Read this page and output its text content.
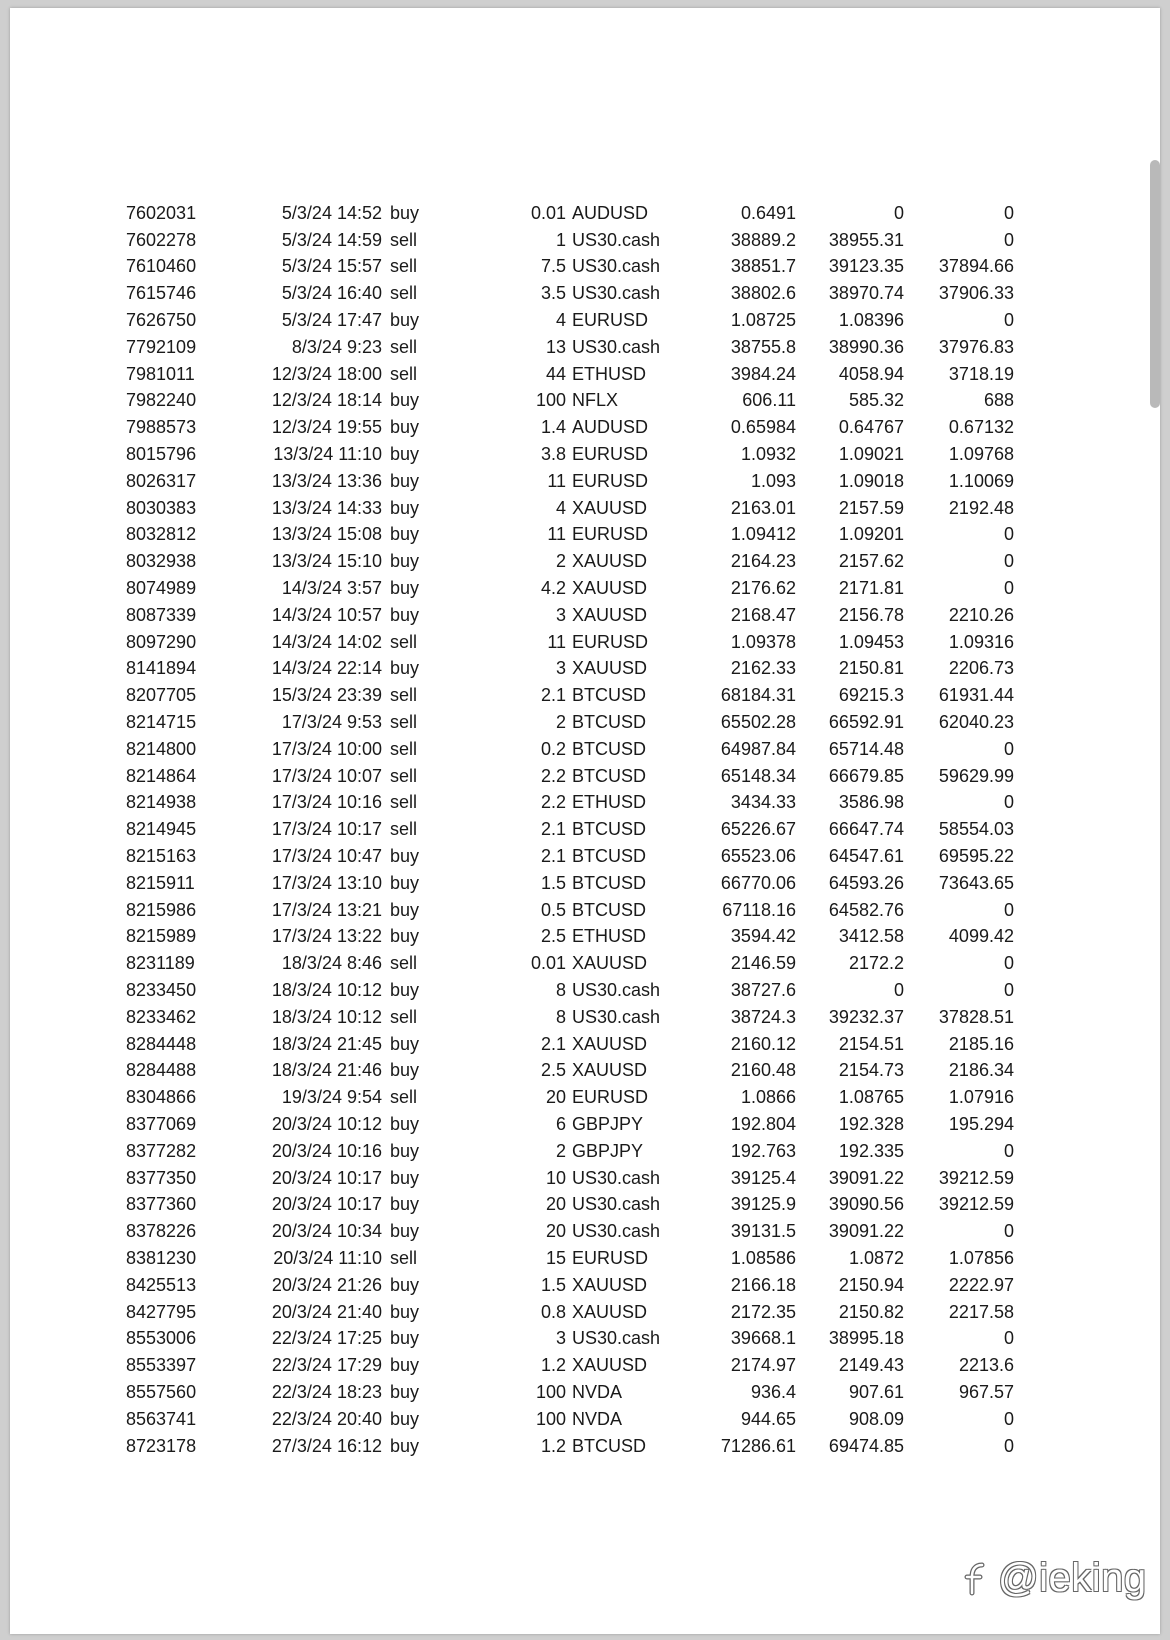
7602031	5/3/24 14:52	buy	0.01	AUDUSD	0.6491	0	0
7602278	5/3/24 14:59	sell	1	US30.cash	38889.2	38955.31	0
7610460	5/3/24 15:57	sell	7.5	US30.cash	38851.7	39123.35	37894.66
7615746	5/3/24 16:40	sell	3.5	US30.cash	38802.6	38970.74	37906.33
7626750	5/3/24 17:47	buy	4	EURUSD	1.08725	1.08396	0
7792109	8/3/24 9:23	sell	13	US30.cash	38755.8	38990.36	37976.83
7981011	12/3/24 18:00	sell	44	ETHUSD	3984.24	4058.94	3718.19
7982240	12/3/24 18:14	buy	100	NFLX	606.11	585.32	688
7988573	12/3/24 19:55	buy	1.4	AUDUSD	0.65984	0.64767	0.67132
8015796	13/3/24 11:10	buy	3.8	EURUSD	1.0932	1.09021	1.09768
8026317	13/3/24 13:36	buy	11	EURUSD	1.093	1.09018	1.10069
8030383	13/3/24 14:33	buy	4	XAUUSD	2163.01	2157.59	2192.48
8032812	13/3/24 15:08	buy	11	EURUSD	1.09412	1.09201	0
8032938	13/3/24 15:10	buy	2	XAUUSD	2164.23	2157.62	0
8074989	14/3/24 3:57	buy	4.2	XAUUSD	2176.62	2171.81	0
8087339	14/3/24 10:57	buy	3	XAUUSD	2168.47	2156.78	2210.26
8097290	14/3/24 14:02	sell	11	EURUSD	1.09378	1.09453	1.09316
8141894	14/3/24 22:14	buy	3	XAUUSD	2162.33	2150.81	2206.73
8207705	15/3/24 23:39	sell	2.1	BTCUSD	68184.31	69215.3	61931.44
8214715	17/3/24 9:53	sell	2	BTCUSD	65502.28	66592.91	62040.23
8214800	17/3/24 10:00	sell	0.2	BTCUSD	64987.84	65714.48	0
8214864	17/3/24 10:07	sell	2.2	BTCUSD	65148.34	66679.85	59629.99
8214938	17/3/24 10:16	sell	2.2	ETHUSD	3434.33	3586.98	0
8214945	17/3/24 10:17	sell	2.1	BTCUSD	65226.67	66647.74	58554.03
8215163	17/3/24 10:47	buy	2.1	BTCUSD	65523.06	64547.61	69595.22
8215911	17/3/24 13:10	buy	1.5	BTCUSD	66770.06	64593.26	73643.65
8215986	17/3/24 13:21	buy	0.5	BTCUSD	67118.16	64582.76	0
8215989	17/3/24 13:22	buy	2.5	ETHUSD	3594.42	3412.58	4099.42
8231189	18/3/24 8:46	sell	0.01	XAUUSD	2146.59	2172.2	0
8233450	18/3/24 10:12	buy	8	US30.cash	38727.6	0	0
8233462	18/3/24 10:12	sell	8	US30.cash	38724.3	39232.37	37828.51
8284448	18/3/24 21:45	buy	2.1	XAUUSD	2160.12	2154.51	2185.16
8284488	18/3/24 21:46	buy	2.5	XAUUSD	2160.48	2154.73	2186.34
8304866	19/3/24 9:54	sell	20	EURUSD	1.0866	1.08765	1.07916
8377069	20/3/24 10:12	buy	6	GBPJPY	192.804	192.328	195.294
8377282	20/3/24 10:16	buy	2	GBPJPY	192.763	192.335	0
8377350	20/3/24 10:17	buy	10	US30.cash	39125.4	39091.22	39212.59
8377360	20/3/24 10:17	buy	20	US30.cash	39125.9	39090.56	39212.59
8378226	20/3/24 10:34	buy	20	US30.cash	39131.5	39091.22	0
8381230	20/3/24 11:10	sell	15	EURUSD	1.08586	1.0872	1.07856
8425513	20/3/24 21:26	buy	1.5	XAUUSD	2166.18	2150.94	2222.97
8427795	20/3/24 21:40	buy	0.8	XAUUSD	2172.35	2150.82	2217.58
8553006	22/3/24 17:25	buy	3	US30.cash	39668.1	38995.18	0
8553397	22/3/24 17:29	buy	1.2	XAUUSD	2174.97	2149.43	2213.6
8557560	22/3/24 18:23	buy	100	NVDA	936.4	907.61	967.57
8563741	22/3/24 20:40	buy	100	NVDA	944.65	908.09	0
8723178	27/3/24 16:12	buy	1.2	BTCUSD	71286.61	69474.85	0
@ieking
